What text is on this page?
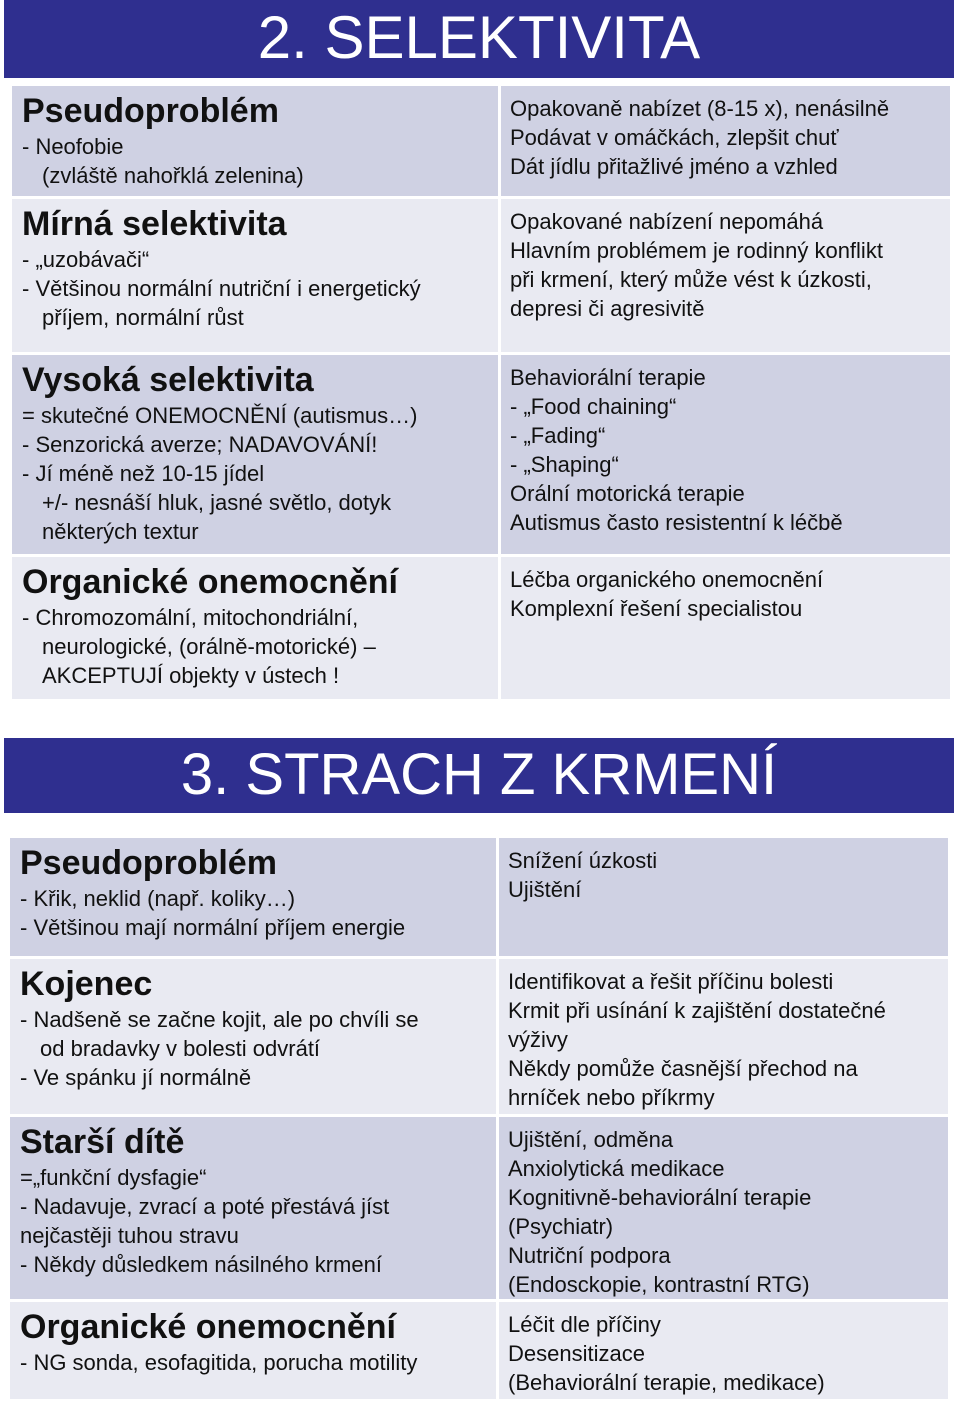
2. SELEKTIVITA
Pseudoproblém
- Neofobie
(zvláště nahořklá zelenina)
Opakovaně nabízet (8-15 x), nenásilně
Podávat v omáčkách, zlepšit chuť
Dát jídlu přitažlivé jméno a vzhled
Mírná selektivita
- „uzobávači“
- Většinou normální nutriční i energetický
příjem, normální růst
Opakované nabízení nepomáhá
Hlavním problémem je rodinný konflikt
při krmení, který může vést k úzkosti,
depresi či agresivitě
Vysoká selektivita
= skutečné ONEMOCNĚNÍ (autismus…)
- Senzorická averze; NADAVOVÁNÍ!
- Jí méně než 10-15 jídel
+/- nesnáší hluk, jasné světlo, dotyk
některých textur
Behaviorální terapie
- „Food chaining“
- „Fading“
- „Shaping“
Orální motorická terapie
Autismus často resistentní k léčbě
Organické onemocnění
- Chromozomální, mitochondriální,
neurologické, (orálně-motorické) –
AKCEPTUJÍ objekty v ústech !
Léčba organického onemocnění
Komplexní řešení specialistou
3. STRACH Z KRMENÍ
Pseudoproblém
- Křik, neklid (např. koliky…)
- Většinou mají normální příjem energie
Snížení úzkosti
Ujištění
Kojenec
- Nadšeně se začne kojit, ale po chvíli se
od bradavky v bolesti odvrátí
- Ve spánku jí normálně
Identifikovat a řešit příčinu bolesti
Krmit při usínání k zajištění dostatečné
výživy
Někdy pomůže časnější přechod na
hrníček nebo příkrmy
Starší dítě
=„funkční dysfagie“
- Nadavuje, zvrací a poté přestává jíst
nejčastěji tuhou stravu
- Někdy důsledkem násilného krmení
Ujištění, odměna
Anxiolytická medikace
Kognitivně-behaviorální terapie
(Psychiatr)
Nutriční podpora
(Endosckopie, kontrastní RTG)
Organické onemocnění
- NG sonda, esofagitida, porucha motility
Léčit dle příčiny
Desensitizace
(Behaviorální terapie, medikace)
